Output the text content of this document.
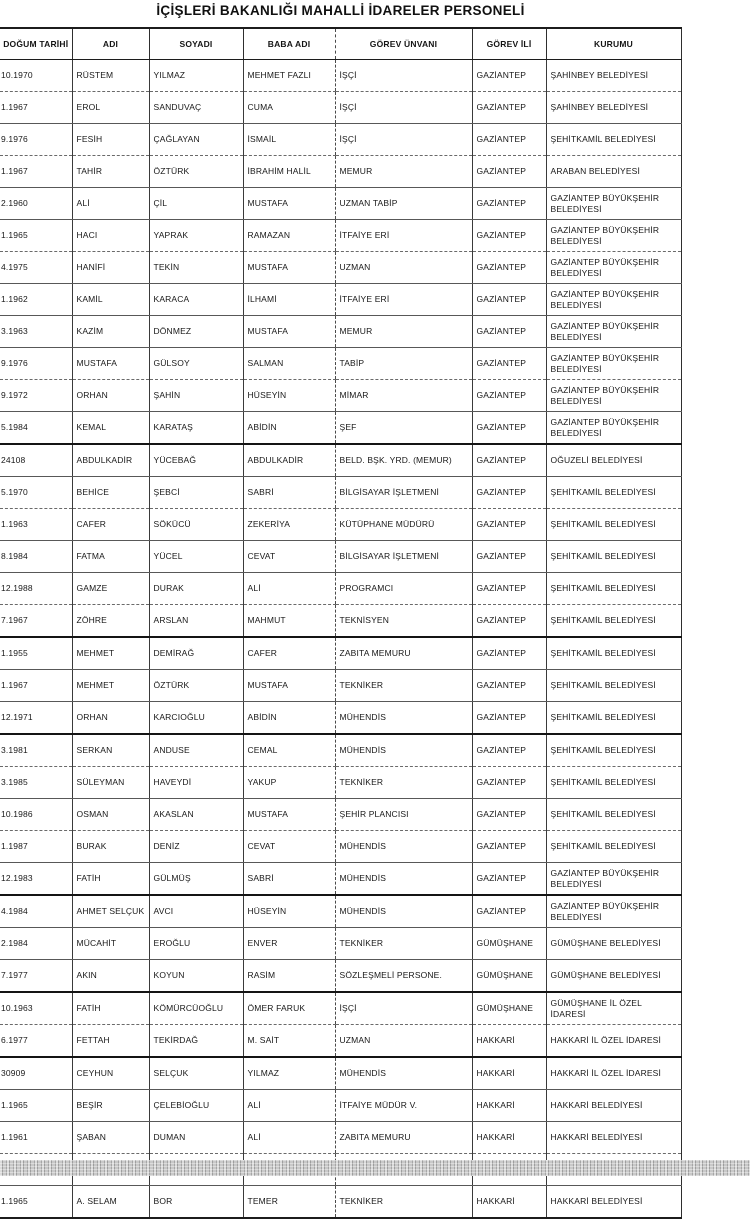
İÇİŞLERİ BAKANLIĞI MAHALLİ İDARELER PERSONELİ
DOĞUM TARİHİ	ADI	SOYADI	BABA ADI	GÖREV ÜNVANI	GÖREV İLİ	KURUMU
10.1970	RÜSTEM	YILMAZ	MEHMET FAZLI	İŞÇİ	GAZİANTEP	ŞAHİNBEY BELEDİYESİ
1.1967	EROL	SANDUVAÇ	CUMA	İŞÇİ	GAZİANTEP	ŞAHİNBEY BELEDİYESİ
9.1976	FESİH	ÇAĞLAYAN	İSMAİL	İŞÇİ	GAZİANTEP	ŞEHİTKAMİL BELEDİYESİ
1.1967	TAHİR	ÖZTÜRK	İBRAHİM HALİL	MEMUR	GAZİANTEP	ARABAN BELEDİYESİ
2.1960	ALİ	ÇİL	MUSTAFA	UZMAN TABİP	GAZİANTEP	GAZİANTEP BÜYÜKŞEHİR BELEDİYESİ
1.1965	HACI	YAPRAK	RAMAZAN	İTFAİYE ERİ	GAZİANTEP	GAZİANTEP BÜYÜKŞEHİR BELEDİYESİ
4.1975	HANİFİ	TEKİN	MUSTAFA	UZMAN	GAZİANTEP	GAZİANTEP BÜYÜKŞEHİR BELEDİYESİ
1.1962	KAMİL	KARACA	İLHAMİ	İTFAİYE ERİ	GAZİANTEP	GAZİANTEP BÜYÜKŞEHİR BELEDİYESİ
3.1963	KAZİM	DÖNMEZ	MUSTAFA	MEMUR	GAZİANTEP	GAZİANTEP BÜYÜKŞEHİR BELEDİYESİ
9.1976	MUSTAFA	GÜLSOY	SALMAN	TABİP	GAZİANTEP	GAZİANTEP BÜYÜKŞEHİR BELEDİYESİ
9.1972	ORHAN	ŞAHİN	HÜSEYİN	MİMAR	GAZİANTEP	GAZİANTEP BÜYÜKŞEHİR BELEDİYESİ
5.1984	KEMAL	KARATAŞ	ABİDİN	ŞEF	GAZİANTEP	GAZİANTEP BÜYÜKŞEHİR BELEDİYESİ
24108	ABDULKADİR	YÜCEBAĞ	ABDULKADİR	BELD. BŞK. YRD. (MEMUR)	GAZİANTEP	OĞUZELİ BELEDİYESİ
5.1970	BEHİCE	ŞEBCİ	SABRİ	BİLGİSAYAR İŞLETMENİ	GAZİANTEP	ŞEHİTKAMİL BELEDİYESİ
1.1963	CAFER	SÖKÜCÜ	ZEKERİYA	KÜTÜPHANE MÜDÜRÜ	GAZİANTEP	ŞEHİTKAMİL BELEDİYESİ
8.1984	FATMA	YÜCEL	CEVAT	BİLGİSAYAR İŞLETMENİ	GAZİANTEP	ŞEHİTKAMİL BELEDİYESİ
12.1988	GAMZE	DURAK	ALİ	PROGRAMCI	GAZİANTEP	ŞEHİTKAMİL BELEDİYESİ
7.1967	ZÖHRE	ARSLAN	MAHMUT	TEKNİSYEN	GAZİANTEP	ŞEHİTKAMİL BELEDİYESİ
1.1955	MEHMET	DEMİRAĞ	CAFER	ZABITA MEMURU	GAZİANTEP	ŞEHİTKAMİL BELEDİYESİ
1.1967	MEHMET	ÖZTÜRK	MUSTAFA	TEKNİKER	GAZİANTEP	ŞEHİTKAMİL BELEDİYESİ
12.1971	ORHAN	KARCIOĞLU	ABİDİN	MÜHENDİS	GAZİANTEP	ŞEHİTKAMİL BELEDİYESİ
3.1981	SERKAN	ANDUSE	CEMAL	MÜHENDİS	GAZİANTEP	ŞEHİTKAMİL BELEDİYESİ
3.1985	SÜLEYMAN	HAVEYDİ	YAKUP	TEKNİKER	GAZİANTEP	ŞEHİTKAMİL BELEDİYESİ
10.1986	OSMAN	AKASLAN	MUSTAFA	ŞEHİR PLANCISI	GAZİANTEP	ŞEHİTKAMİL BELEDİYESİ
1.1987	BURAK	DENİZ	CEVAT	MÜHENDİS	GAZİANTEP	ŞEHİTKAMİL BELEDİYESİ
12.1983	FATİH	GÜLMÜŞ	SABRİ	MÜHENDİS	GAZİANTEP	GAZİANTEP BÜYÜKŞEHİR BELEDİYESİ
4.1984	AHMET SELÇUK	AVCI	HÜSEYİN	MÜHENDİS	GAZİANTEP	GAZİANTEP BÜYÜKŞEHİR BELEDİYESİ
2.1984	MÜCAHİT	EROĞLU	ENVER	TEKNİKER	GÜMÜŞHANE	GÜMÜŞHANE BELEDİYESİ
7.1977	AKIN	KOYUN	RASİM	SÖZLEŞMELİ PERSONE.	GÜMÜŞHANE	GÜMÜŞHANE BELEDİYESİ
10.1963	FATİH	KÖMÜRCÜOĞLU	ÖMER FARUK	İŞÇİ	GÜMÜŞHANE	GÜMÜŞHANE İL ÖZEL İDARESİ
6.1977	FETTAH	TEKİRDAĞ	M. SAİT	UZMAN	HAKKARİ	HAKKARİ İL ÖZEL İDARESİ
30909	CEYHUN	SELÇUK	YILMAZ	MÜHENDİS	HAKKARİ	HAKKARİ İL ÖZEL İDARESİ
1.1965	BEŞİR	ÇELEBİOĞLU	ALİ	İTFAİYE MÜDÜR V.	HAKKARİ	HAKKARİ BELEDİYESİ
1.1961	ŞABAN	DUMAN	ALİ	ZABITA MEMURU	HAKKARİ	HAKKARİ BELEDİYESİ

1.1965	A. SELAM	BOR	TEMER	TEKNİKER	HAKKARİ	HAKKARİ BELEDİYESİ
